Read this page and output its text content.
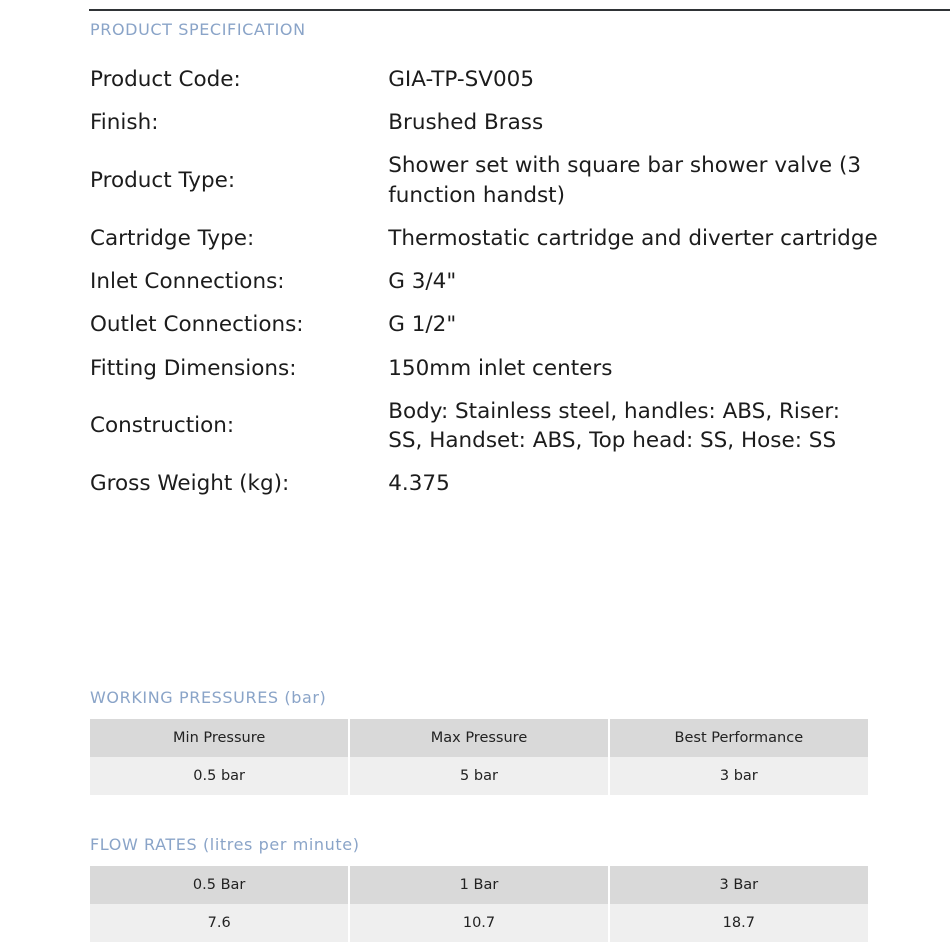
PRODUCT SPECIFICATION
Product Code:	GIA-TP-SV005
Finish:	Brushed Brass
Product Type:	Shower set with square bar shower valve (3 function handst)
Cartridge Type:	Thermostatic cartridge and diverter cartridge
Inlet Connections:	G 3/4"
Outlet Connections:	G 1/2"
Fitting Dimensions:	150mm inlet centers
Construction:	Body: Stainless steel, handles: ABS, Riser: SS, Handset: ABS, Top head: SS, Hose: SS
Gross Weight (kg):	4.375
WORKING PRESSURES (bar)
Min Pressure	Max Pressure	Best Performance
0.5 bar	5 bar	3 bar
FLOW RATES (litres per minute)
0.5 Bar	1 Bar	3 Bar
7.6	10.7	18.7
